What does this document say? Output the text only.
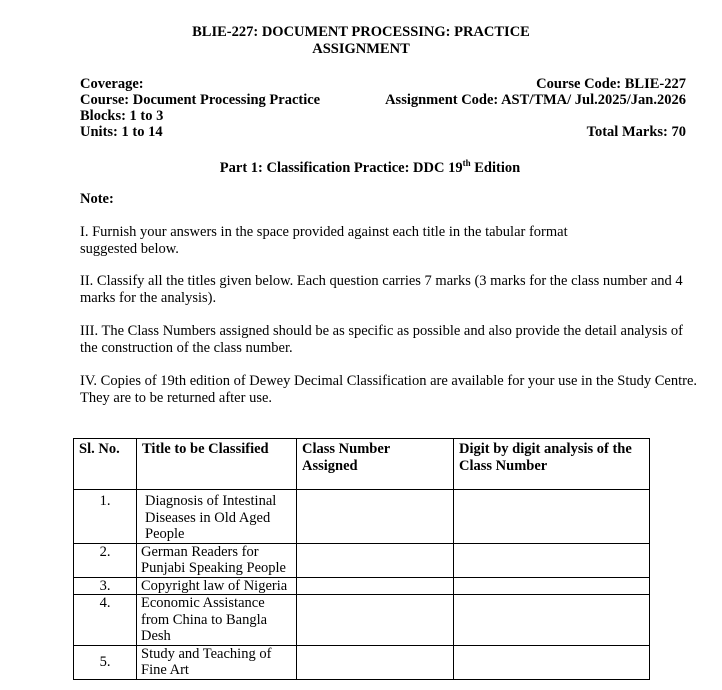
BLIE-227: DOCUMENT PROCESSING: PRACTICE
ASSIGNMENT
Coverage:	Course Code: BLIE-227
Course: Document Processing Practice	Assignment Code: AST/TMA/ Jul.2025/Jan.2026
Blocks: 1 to 3
Units: 1 to 14	Total Marks: 70
Part 1: Classification Practice: DDC 19th Edition
Note:
I. Furnish your answers in the space provided against each title in the tabular format suggested below.
II. Classify all the titles given below. Each question carries 7 marks (3 marks for the class number and 4 marks for the analysis).
III. The Class Numbers assigned should be as specific as possible and also provide the detail analysis of the construction of the class number.
IV. Copies of 19th edition of Dewey Decimal Classification are available for your use in the Study Centre. They are to be returned after use.
Sl. No.	Title to be Classified	Class Number Assigned	Digit by digit analysis of the Class Number
1.	Diagnosis of Intestinal Diseases in Old Aged People		
2.	German Readers for Punjabi Speaking People		
3.	Copyright law of Nigeria		
4.	Economic Assistance from China to Bangla Desh		
5.	Study and Teaching of Fine Art		
